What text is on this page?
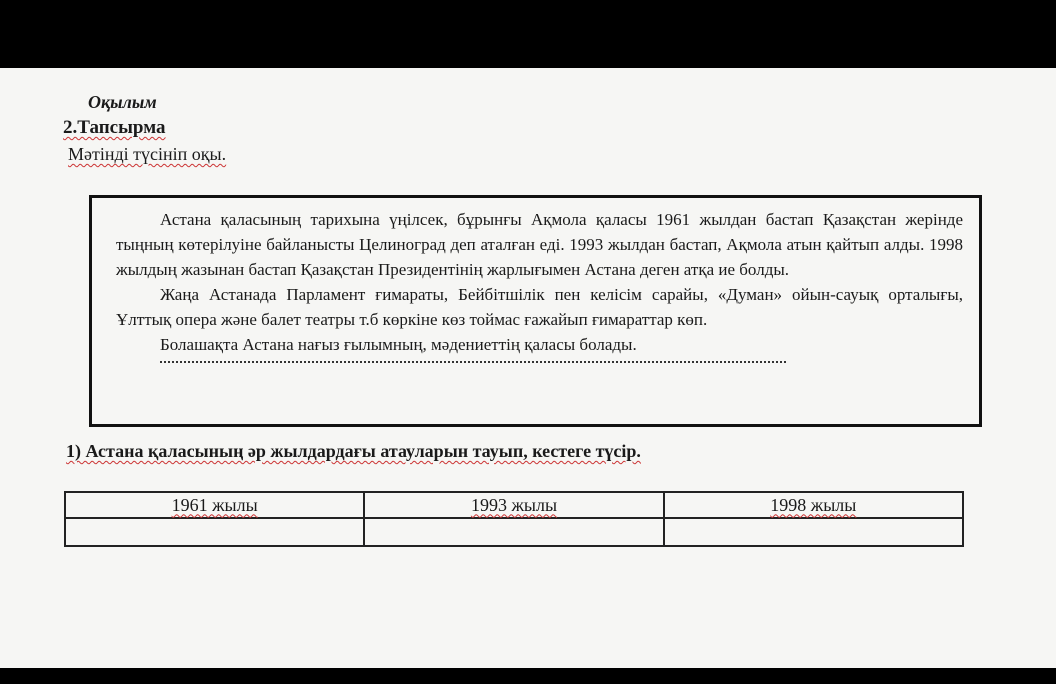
Оқылым
2.Тапсырма
Мәтінді түсініп оқы.

Астана қаласының тарихына үңілсек, бұрынғы Ақмола қаласы 1961 жылдан бастап Қазақстан жерінде тыңның көтерілуіне байланысты Целиноград деп аталған еді. 1993 жылдан бастап, Ақмола атын қайтып алды. 1998 жылдың жазынан бастап Қазақстан Президентінің жарлығымен Астана деген атқа ие болды.

Жаңа Астанада Парламент ғимараты, Бейбітшілік пен келісім сарайы, «Думан» ойын-сауық орталығы, Ұлттық опера және балет театры т.б көркіне көз тоймас ғажайып ғимараттар көп.

Болашақта Астана нағыз ғылымның, мәдениеттің қаласы болады.

1) Астана қаласының әр жылдардағы атауларын тауып, кестеге түсір.
1961 жылы	1993 жылы	1998 жылы
